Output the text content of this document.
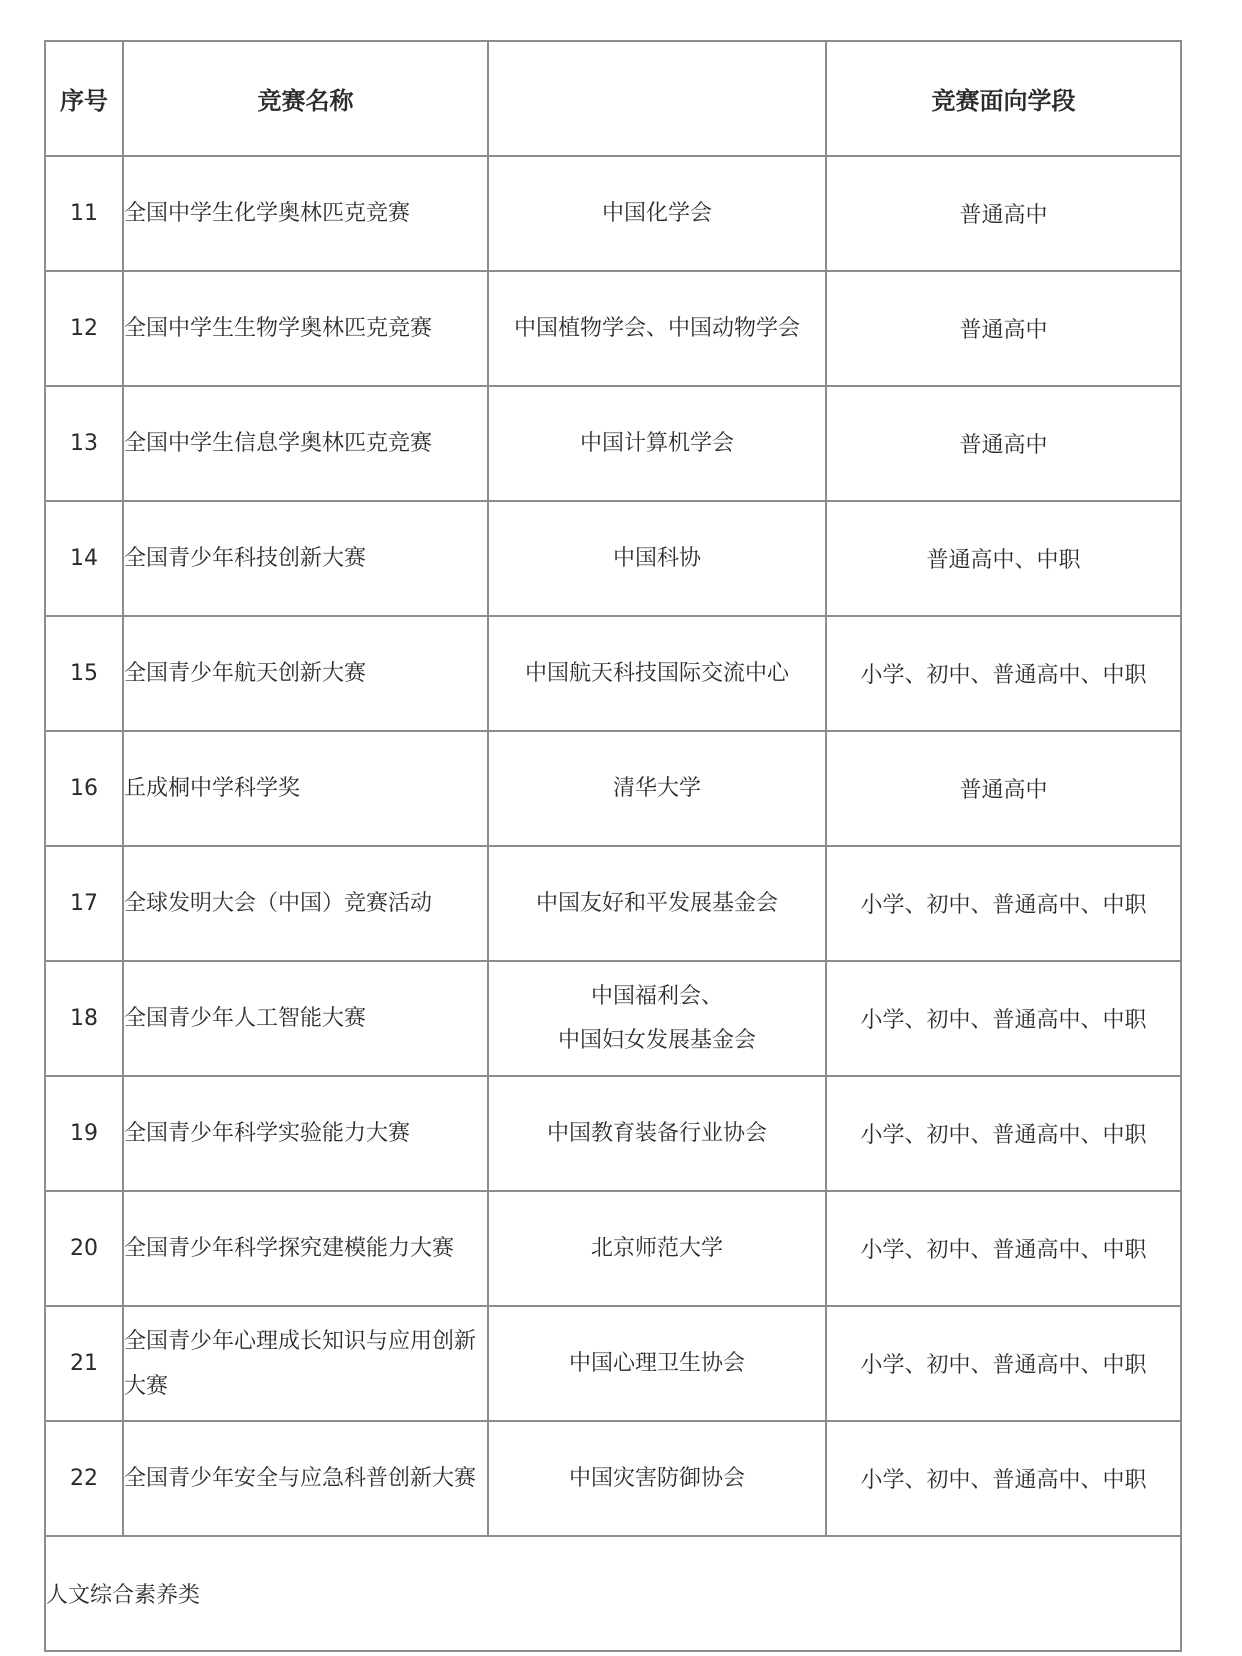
序号	竞赛名称		竞赛面向学段
11	全国中学生化学奥林匹克竞赛	中国化学会	普通高中
12	全国中学生生物学奥林匹克竞赛	中国植物学会、中国动物学会	普通高中
13	全国中学生信息学奥林匹克竞赛	中国计算机学会	普通高中
14	全国青少年科技创新大赛	中国科协	普通高中、中职
15	全国青少年航天创新大赛	中国航天科技国际交流中心	小学、初中、普通高中、中职
16	丘成桐中学科学奖	清华大学	普通高中
17	全球发明大会（中国）竞赛活动	中国友好和平发展基金会	小学、初中、普通高中、中职
18	全国青少年人工智能大赛	中国福利会、
中国妇女发展基金会	小学、初中、普通高中、中职
19	全国青少年科学实验能力大赛	中国教育装备行业协会	小学、初中、普通高中、中职
20	全国青少年科学探究建模能力大赛	北京师范大学	小学、初中、普通高中、中职
21	全国青少年心理成长知识与应用创新大赛	中国心理卫生协会	小学、初中、普通高中、中职
22	全国青少年安全与应急科普创新大赛	中国灾害防御协会	小学、初中、普通高中、中职
人文综合素养类			
